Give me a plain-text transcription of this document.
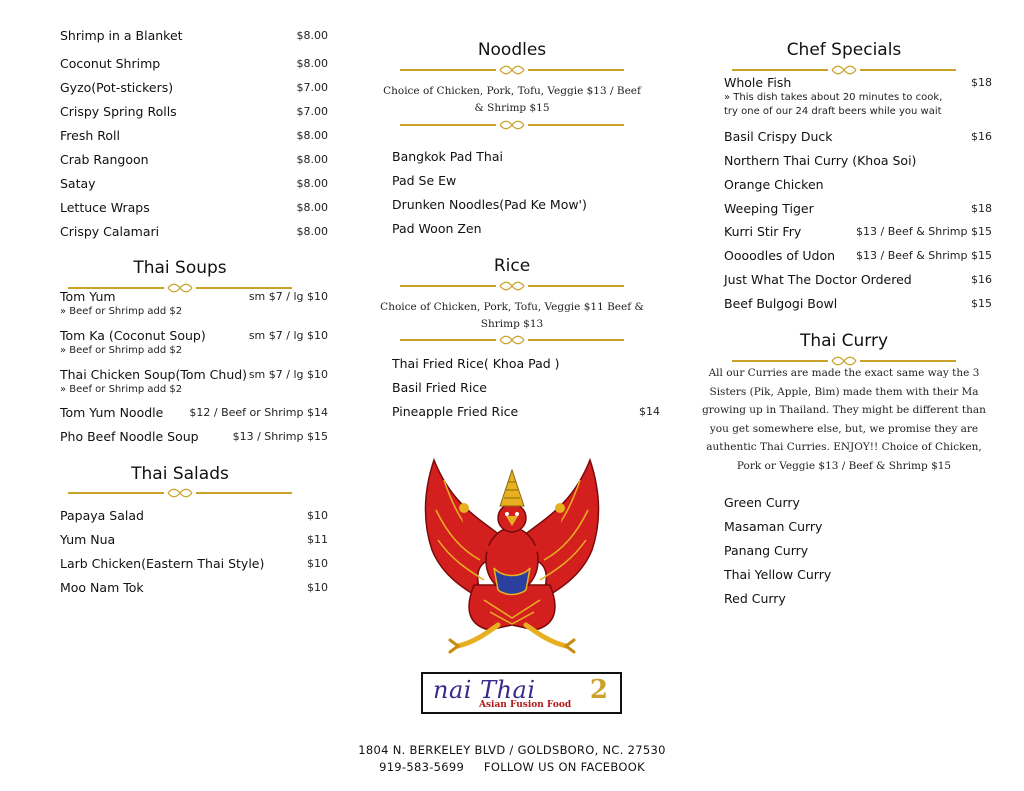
Shrimp in a Blanket	$8.00
Coconut Shrimp	$8.00
Gyzo(Pot-stickers)	$7.00
Crispy Spring Rolls	$7.00
Fresh Roll	$8.00
Crab Rangoon	$8.00
Satay	$8.00
Lettuce Wraps	$8.00
Crispy Calamari	$8.00
Thai Soups
Tom Yum	sm $7 / lg $10
» Beef or Shrimp add $2
Tom Ka (Coconut Soup)	sm $7 / lg $10
» Beef or Shrimp add $2
Thai Chicken Soup(Tom Chud) sm $7 / lg $10
» Beef or Shrimp add $2
Tom Yum Noodle $12 / Beef or Shrimp $14
Pho Beef Noodle Soup	$13 / Shrimp $15
Thai Salads
Papaya Salad	$10
Yum Nua	$11
Larb Chicken(Eastern Thai Style)	$10
Moo Nam Tok	$10
Noodles
Choice of Chicken, Pork, Tofu, Veggie $13 / Beef & Shrimp $15
Bangkok Pad Thai
Pad Se Ew
Drunken Noodles(Pad Ke Mow')
Pad Woon Zen
Rice
Choice of Chicken, Pork, Tofu, Veggie $11 Beef & Shrimp $13
Thai Fried Rice( Khoa Pad )
Basil Fried Rice
Pineapple Fried Rice	$14
nai Thai 2
Asian Fusion Food
1804 N. BERKELEY BLVD / GOLDSBORO, NC. 27530
919-583-5699     FOLLOW US ON FACEBOOK
Chef Specials
Whole Fish	$18
» This dish takes about 20 minutes to cook,
try one of our 24 draft beers while you wait
Basil Crispy Duck	$16
Northern Thai Curry (Khoa Soi)
Orange Chicken
Weeping Tiger	$18
Kurri Stir Fry	$13 / Beef & Shrimp $15
Oooodles of Udon $13 / Beef & Shrimp $15
Just What The Doctor Ordered	$16
Beef Bulgogi Bowl	$15
Thai Curry
All our Curries are made the exact same way the 3 Sisters (Pik, Apple, Bim) made them with their Ma growing up in Thailand. They might be different than you get somewhere else, but, we promise they are authentic Thai Curries. ENJOY!! Choice of Chicken, Pork or Veggie $13 / Beef & Shrimp $15
Green Curry
Masaman Curry
Panang Curry
Thai Yellow Curry
Red Curry
